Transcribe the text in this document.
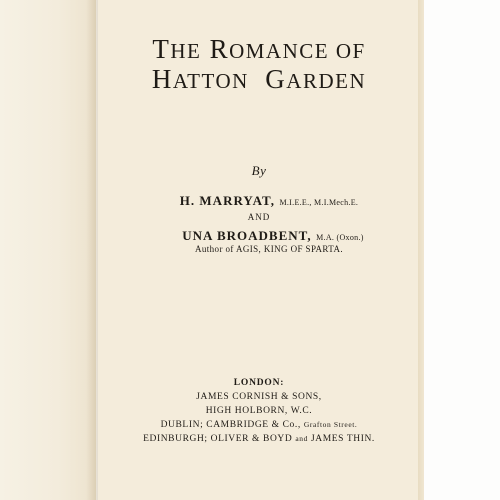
THE ROMANCE OF

HATTON GARDEN

By

H. MARRYAT, M.I.E.E., M.I.Mech.E.

AND

UNA BROADBENT, M.A. (Oxon.)

Author of AGIS, KING OF SPARTA.

LONDON:

JAMES CORNISH & SONS,

HIGH HOLBORN, W.C.

DUBLIN; CAMBRIDGE & Co., Grafton Street.

EDINBURGH; OLIVER & BOYD and JAMES THIN.
